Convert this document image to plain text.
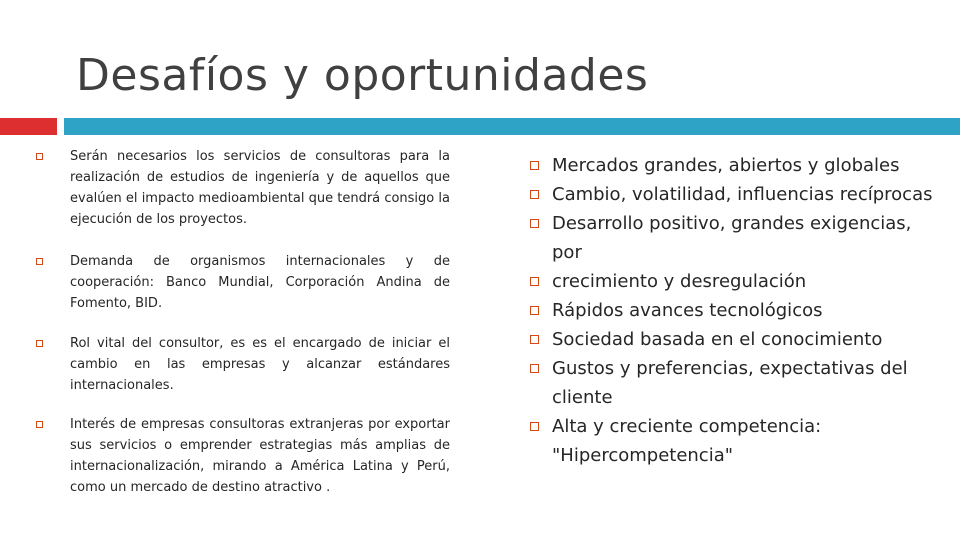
Desafíos y oportunidades
Serán necesarios los servicios de consultoras para la realización de estudios de ingeniería y de aquellos que evalúen el impacto medioambiental que tendrá consigo la ejecución de los proyectos.
Demanda de organismos internacionales y de cooperación: Banco Mundial, Corporación Andina de Fomento, BID.
Rol vital del consultor, es es el encargado de iniciar el cambio en las empresas y alcanzar estándares internacionales.
Interés de empresas consultoras extranjeras por exportar sus servicios o emprender estrategias más amplias de internacionalización, mirando a América Latina y Perú, como un mercado de destino atractivo .
Mercados grandes, abiertos y globales
Cambio, volatilidad, influencias recíprocas
Desarrollo positivo, grandes exigencias, por
crecimiento y desregulación
Rápidos avances tecnológicos
Sociedad basada en el conocimiento
Gustos y preferencias, expectativas del cliente
Alta y creciente competencia: "Hipercompetencia"
